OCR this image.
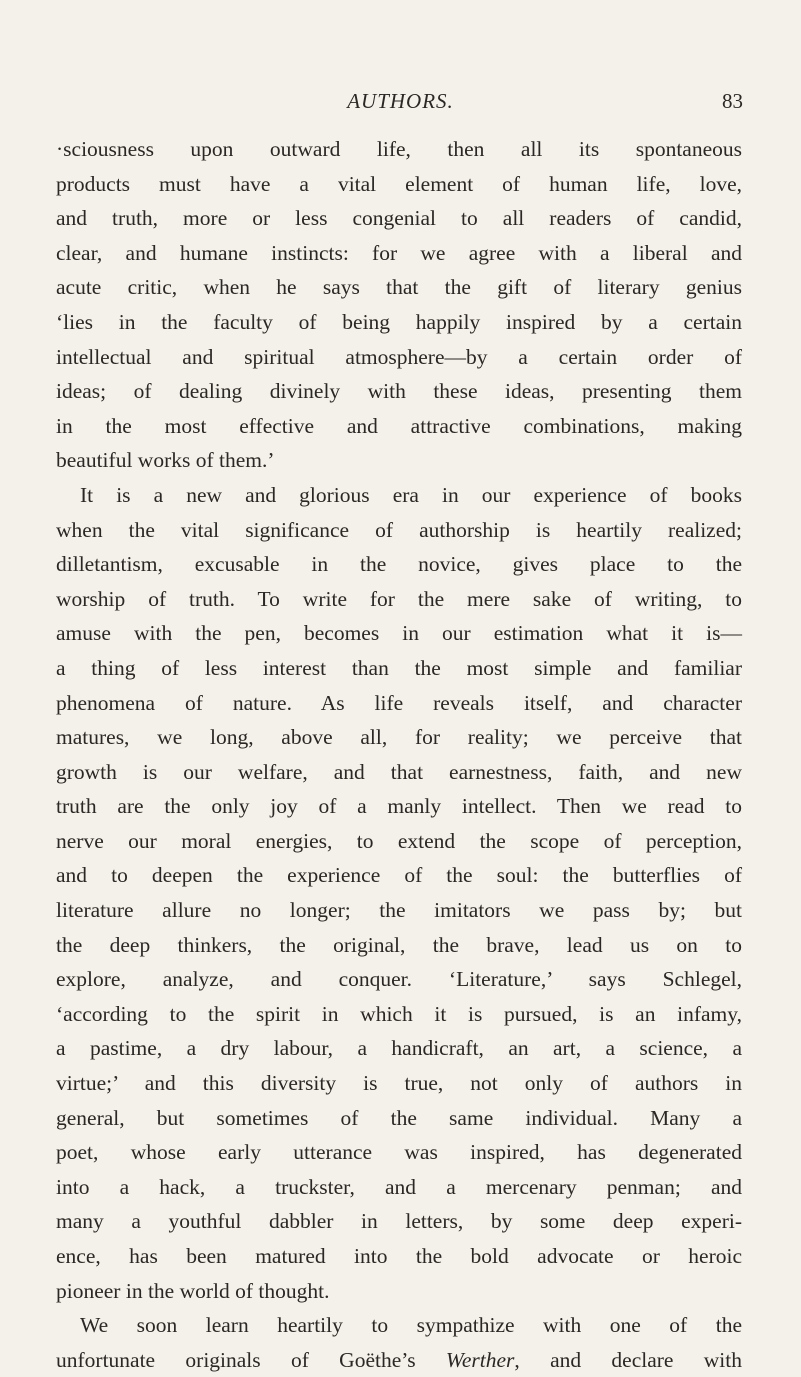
AUTHORS.	83
·sciousness upon outward life, then all its spontaneous
products must have a vital element of human life, love,
and truth, more or less congenial to all readers of candid,
clear, and humane instincts: for we agree with a liberal and
acute critic, when he says that the gift of literary genius
‘lies in the faculty of being happily inspired by a certain
intellectual and spiritual atmosphere—by a certain order of
ideas; of dealing divinely with these ideas, presenting them
in the most effective and attractive combinations, making
beautiful works of them.’
It is a new and glorious era in our experience of books
when the vital significance of authorship is heartily realized;
dilletantism, excusable in the novice, gives place to the
worship of truth. To write for the mere sake of writing, to
amuse with the pen, becomes in our estimation what it is—
a thing of less interest than the most simple and familiar
phenomena of nature. As life reveals itself, and character
matures, we long, above all, for reality; we perceive that
growth is our welfare, and that earnestness, faith, and new
truth are the only joy of a manly intellect. Then we read to
nerve our moral energies, to extend the scope of perception,
and to deepen the experience of the soul: the butterflies of
literature allure no longer; the imitators we pass by; but
the deep thinkers, the original, the brave, lead us on to
explore, analyze, and conquer. ‘Literature,’ says Schlegel,
‘according to the spirit in which it is pursued, is an infamy,
a pastime, a dry labour, a handicraft, an art, a science, a
virtue;’ and this diversity is true, not only of authors in
general, but sometimes of the same individual. Many a
poet, whose early utterance was inspired, has degenerated
into a hack, a truckster, and a mercenary penman; and
many a youthful dabbler in letters, by some deep experi-
ence, has been matured into the bold advocate or heroic
pioneer in the world of thought.
We soon learn heartily to sympathize with one of the
unfortunate originals of Goëthe’s Werther, and declare with
